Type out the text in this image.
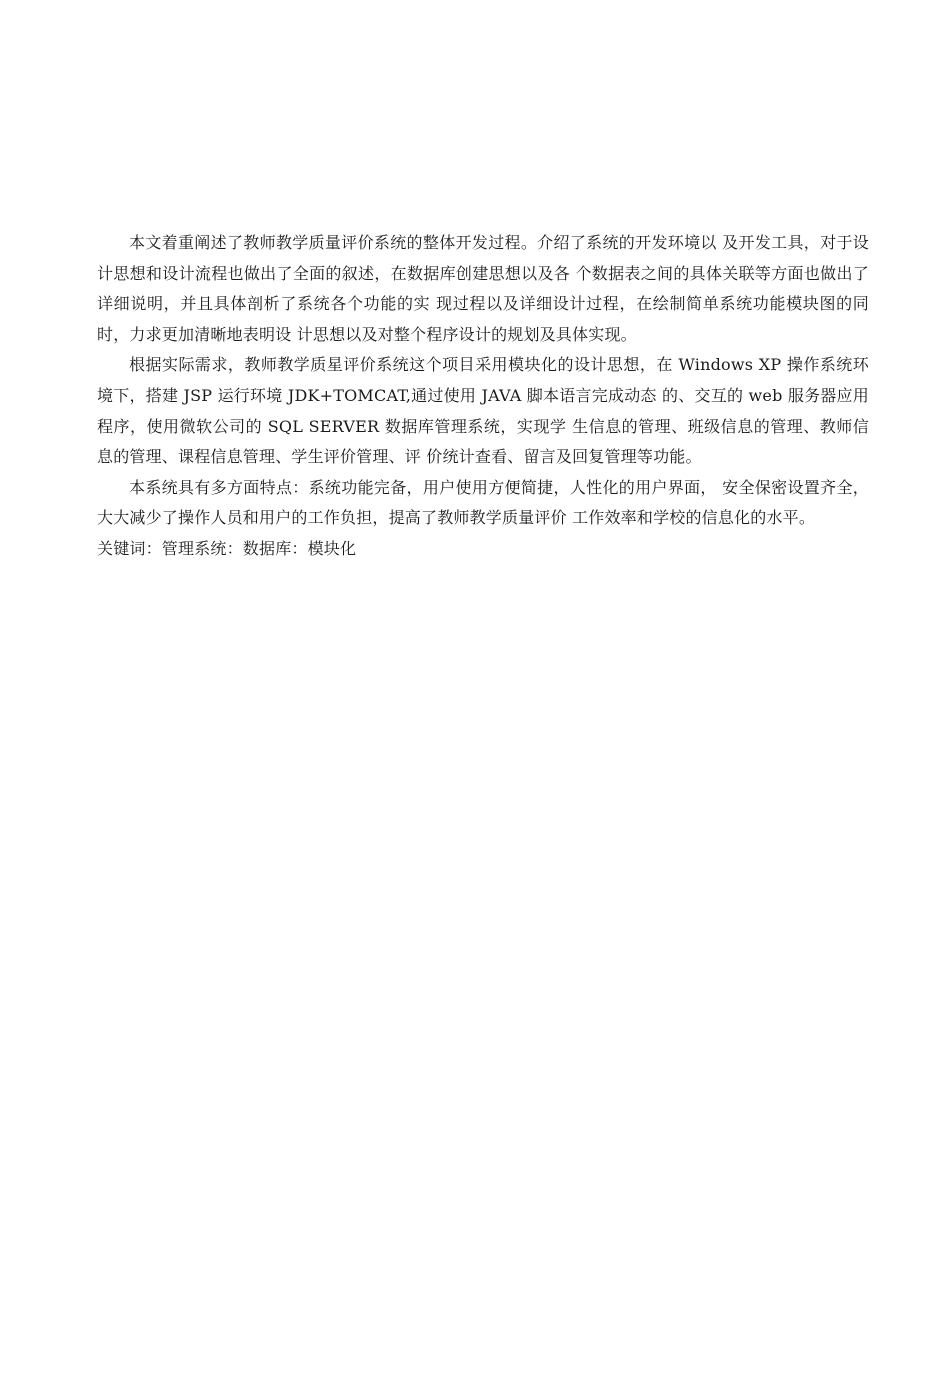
本文着重阐述了教师教学质量评价系统的整体开发过程。介绍了系统的开发环境以 及开发工具，对于设计思想和设计流程也做出了全面的叙述，在数据库创建思想以及各 个数据表之间的具体关联等方面也做出了详细说明，并且具体剖析了系统各个功能的实 现过程以及详细设计过程，在绘制简单系统功能模块图的同时，力求更加清晰地表明设 计思想以及对整个程序设计的规划及具体实现。

根据实际需求，教师教学质星评价系统这个项目采用模块化的设计思想，在 Windows XP 操作系统环境下，搭建 JSP 运行环境 JDK+TOMCAT,通过使用 JAVA 脚本语言完成动态 的、交互的 web 服务器应用程序，使用微软公司的 SQL SERVER 数据库管理系统，实现学 生信息的管理、班级信息的管理、教师信息的管理、课程信息管理、学生评价管理、评 价统计查看、留言及回复管理等功能。

本系统具有多方面特点：系统功能完备，用户使用方便简捷，人性化的用户界面， 安全保密设置齐全，大大减少了操作人员和用户的工作负担，提高了教师教学质量评价 工作效率和学校的信息化的水平。

关键词：管理系统：数据库：模块化
